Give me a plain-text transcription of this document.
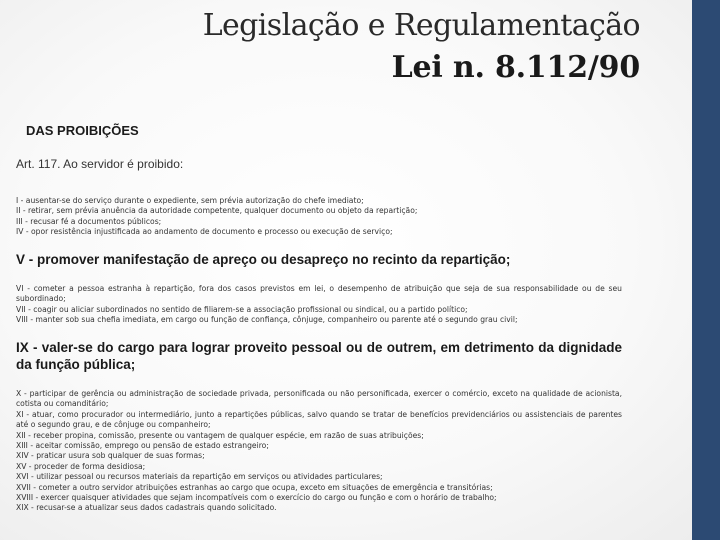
Legislação e Regulamentação
Lei n. 8.112/90
DAS PROIBIÇÕES

Art. 117. Ao servidor é proibido:

I - ausentar-se do serviço durante o expediente, sem prévia autorização do chefe imediato;

II - retirar, sem prévia anuência da autoridade competente, qualquer documento ou objeto da repartição;

III - recusar fé a documentos públicos;

IV - opor resistência injustificada ao andamento de documento e processo ou execução de serviço;

V - promover manifestação de apreço ou desapreço no recinto da repartição;

VI - cometer a pessoa estranha à repartição, fora dos casos previstos em lei, o desempenho de atribuição que seja de sua responsabilidade ou de seu subordinado;

VII - coagir ou aliciar subordinados no sentido de filiarem-se a associação profissional ou sindical, ou a partido político;

VIII - manter sob sua chefia imediata, em cargo ou função de confiança, cônjuge, companheiro ou parente até o segundo grau civil;

IX - valer-se do cargo para lograr proveito pessoal ou de outrem, em detrimento da dignidade da função pública;

X - participar de gerência ou administração de sociedade privada, personificada ou não personificada, exercer o comércio, exceto na qualidade de acionista, cotista ou comanditário;

XI - atuar, como procurador ou intermediário, junto a repartições públicas, salvo quando se tratar de benefícios previdenciários ou assistenciais de parentes até o segundo grau, e de cônjuge ou companheiro;

XII - receber propina, comissão, presente ou vantagem de qualquer espécie, em razão de suas atribuições;

XIII - aceitar comissão, emprego ou pensão de estado estrangeiro;

XIV - praticar usura sob qualquer de suas formas;

XV - proceder de forma desidiosa;

XVI - utilizar pessoal ou recursos materiais da repartição em serviços ou atividades particulares;

XVII - cometer a outro servidor atribuições estranhas ao cargo que ocupa, exceto em situações de emergência e transitórias;

XVIII - exercer quaisquer atividades que sejam incompatíveis com o exercício do cargo ou função e com o horário de trabalho;

XIX - recusar-se a atualizar seus dados cadastrais quando solicitado.
